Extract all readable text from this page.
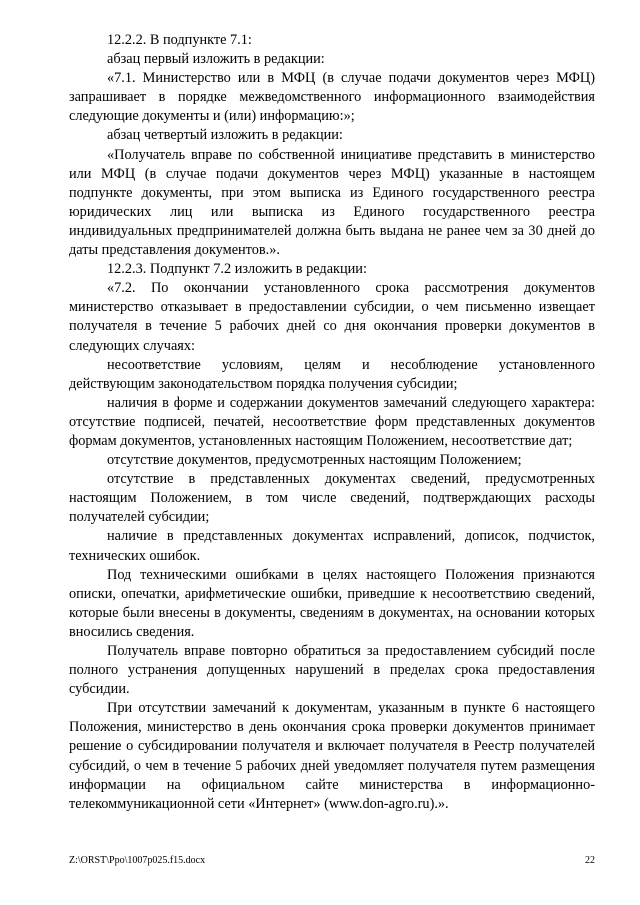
12.2.2. В подпункте 7.1:

абзац первый изложить в редакции:

«7.1. Министерство или в МФЦ (в случае подачи документов через МФЦ) запрашивает в порядке межведомственного информационного взаимодействия следующие документы и (или) информацию:»;

абзац четвертый изложить в редакции:

«Получатель вправе по собственной инициативе представить в министерство или МФЦ (в случае подачи документов через МФЦ) указанные в настоящем подпункте документы, при этом выписка из Единого государственного реестра юридических лиц или выписка из Единого государственного реестра индивидуальных предпринимателей должна быть выдана не ранее чем за 30 дней до даты представления документов.».

12.2.3. Подпункт 7.2 изложить в редакции:

«7.2. По окончании установленного срока рассмотрения документов министерство отказывает в предоставлении субсидии, о чем письменно извещает получателя в течение 5 рабочих дней со дня окончания проверки документов в следующих случаях:

несоответствие условиям, целям и несоблюдение установленного действующим законодательством порядка получения субсидии;

наличия в форме и содержании документов замечаний следующего характера: отсутствие подписей, печатей, несоответствие форм представленных документов формам документов, установленных настоящим Положением, несоответствие дат;

отсутствие документов, предусмотренных настоящим Положением;

отсутствие в представленных документах сведений, предусмотренных настоящим Положением, в том числе сведений, подтверждающих расходы получателей субсидии;

наличие в представленных документах исправлений, дописок, подчисток, технических ошибок.

Под техническими ошибками в целях настоящего Положения признаются описки, опечатки, арифметические ошибки, приведшие к несоответствию сведений, которые были внесены в документы, сведениям в документах, на основании которых вносились сведения.

Получатель вправе повторно обратиться за предоставлением субсидий после полного устранения допущенных нарушений в пределах срока предоставления субсидии.

При отсутствии замечаний к документам, указанным в пункте 6 настоящего Положения, министерство в день окончания срока проверки документов принимает решение о субсидировании получателя и включает получателя в Реестр получателей субсидий, о чем в течение 5 рабочих дней уведомляет получателя путем размещения информации на официальном сайте министерства в информационно-телекоммуникационной сети «Интернет» (www.don-agro.ru).».

Z:\ORST\Ppo\1007p025.f15.docx	22
